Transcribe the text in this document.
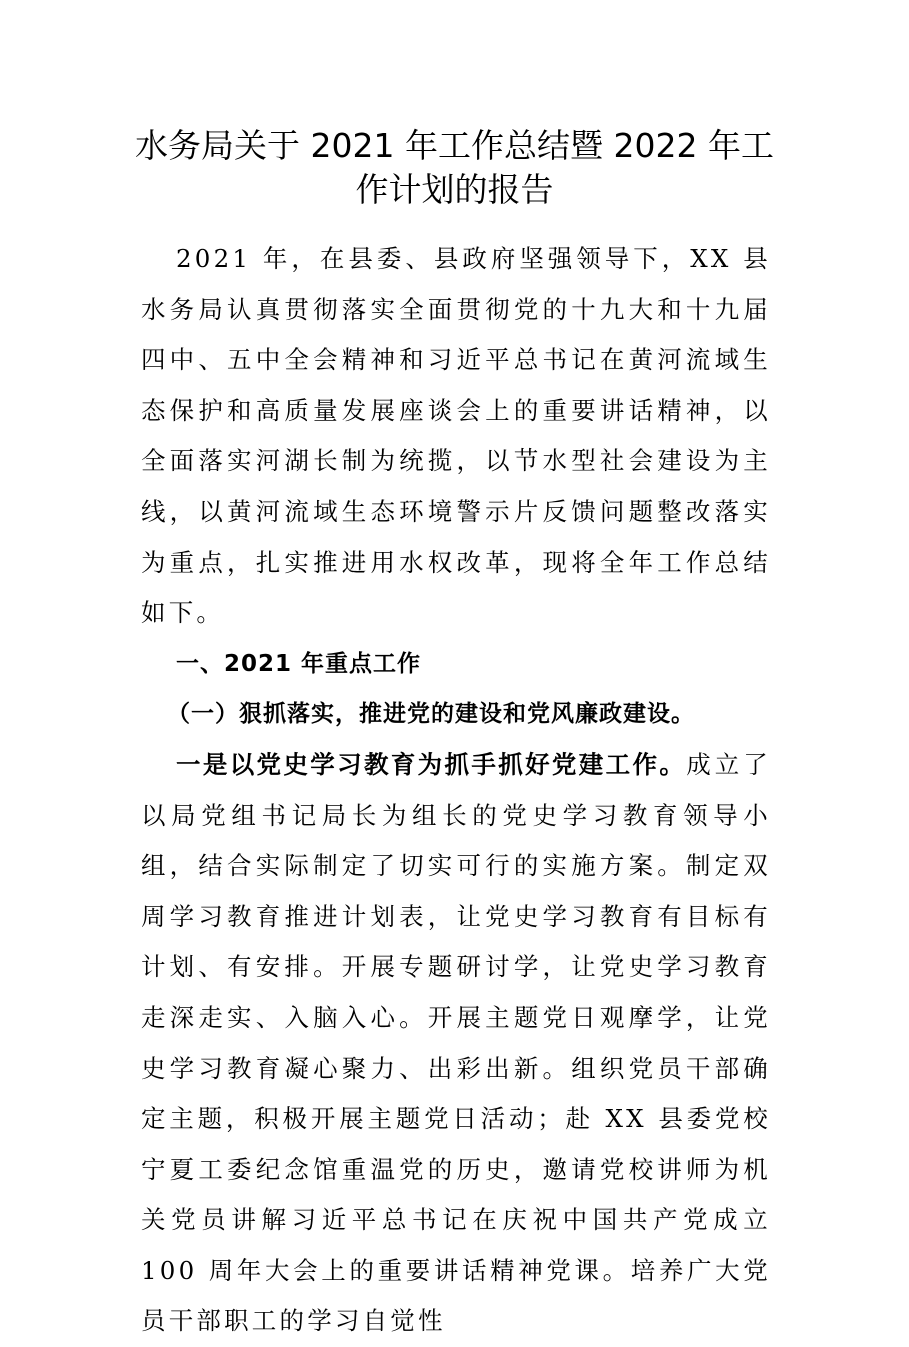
水务局关于 2021 年工作总结暨 2022 年工
作计划的报告

2021 年，在县委、县政府坚强领导下，XX 县水务局认真贯彻落实全面贯彻党的十九大和十九届四中、五中全会精神和习近平总书记在黄河流域生态保护和高质量发展座谈会上的重要讲话精神，以全面落实河湖长制为统揽，以节水型社会建设为主线，以黄河流域生态环境警示片反馈问题整改落实为重点，扎实推进用水权改革，现将全年工作总结如下。

一、2021 年重点工作

（一）狠抓落实，推进党的建设和党风廉政建设。

一是以党史学习教育为抓手抓好党建工作。成立了以局党组书记局长为组长的党史学习教育领导小组，结合实际制定了切实可行的实施方案。制定双周学习教育推进计划表，让党史学习教育有目标有计划、有安排。开展专题研讨学，让党史学习教育走深走实、入脑入心。开展主题党日观摩学，让党史学习教育凝心聚力、出彩出新。组织党员干部确定主题，积极开展主题党日活动；赴 XX 县委党校宁夏工委纪念馆重温党的历史，邀请党校讲师为机关党员讲解习近平总书记在庆祝中国共产党成立 100 周年大会上的重要讲话精神党课。培养广大党员干部职工的学习自觉性
